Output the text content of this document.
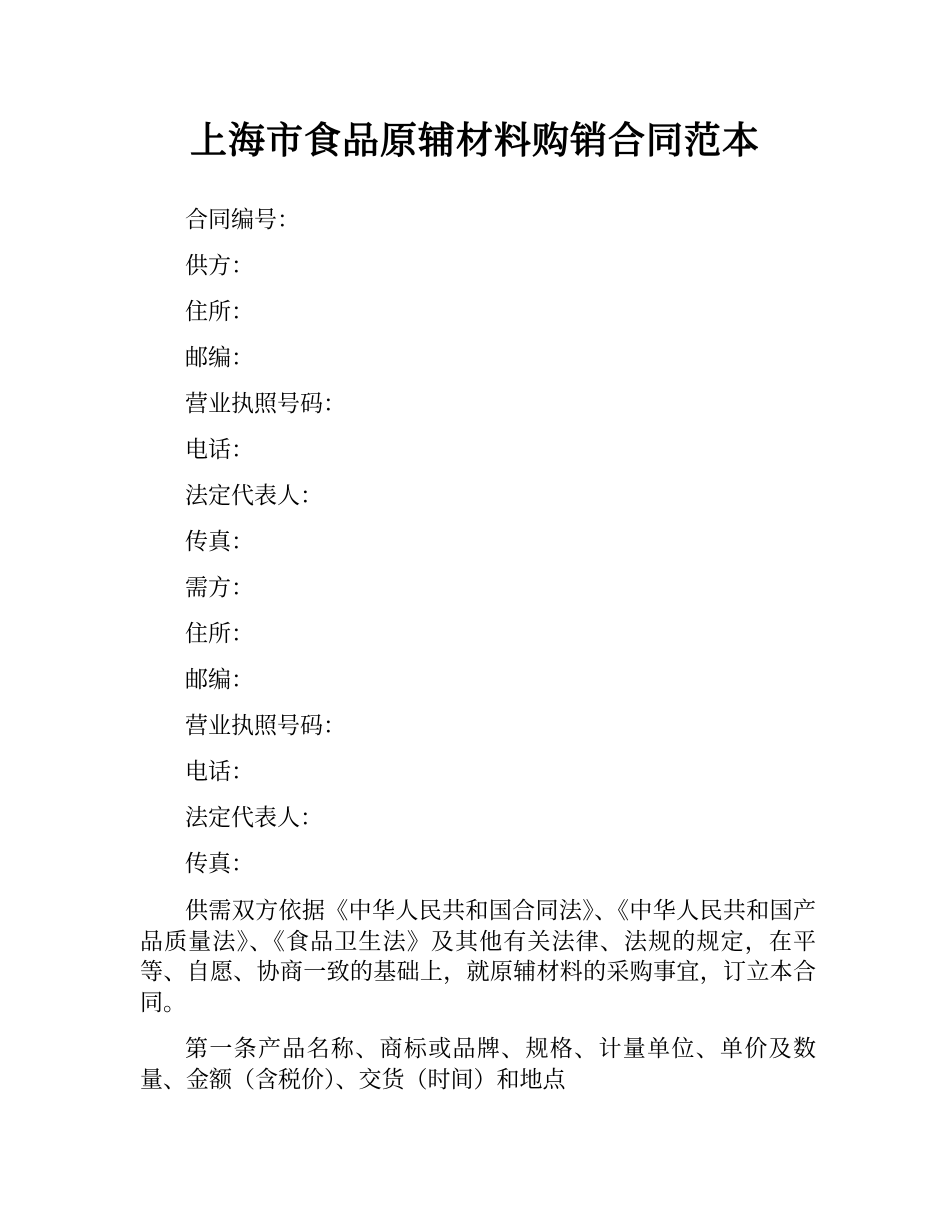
上海市食品原辅材料购销合同范本

合同编号：

供方：

住所：

邮编：

营业执照号码：

电话：

法定代表人：

传真：

需方：

住所：

邮编：

营业执照号码：

电话：

法定代表人：

传真：

供需双方依据《中华人民共和国合同法》、《中华人民共和国产品质量法》、《食品卫生法》及其他有关法律、法规的规定，在平等、自愿、协商一致的基础上，就原辅材料的采购事宜，订立本合同。

第一条产品名称、商标或品牌、规格、计量单位、单价及数量、金额（含税价）、交货（时间）和地点
